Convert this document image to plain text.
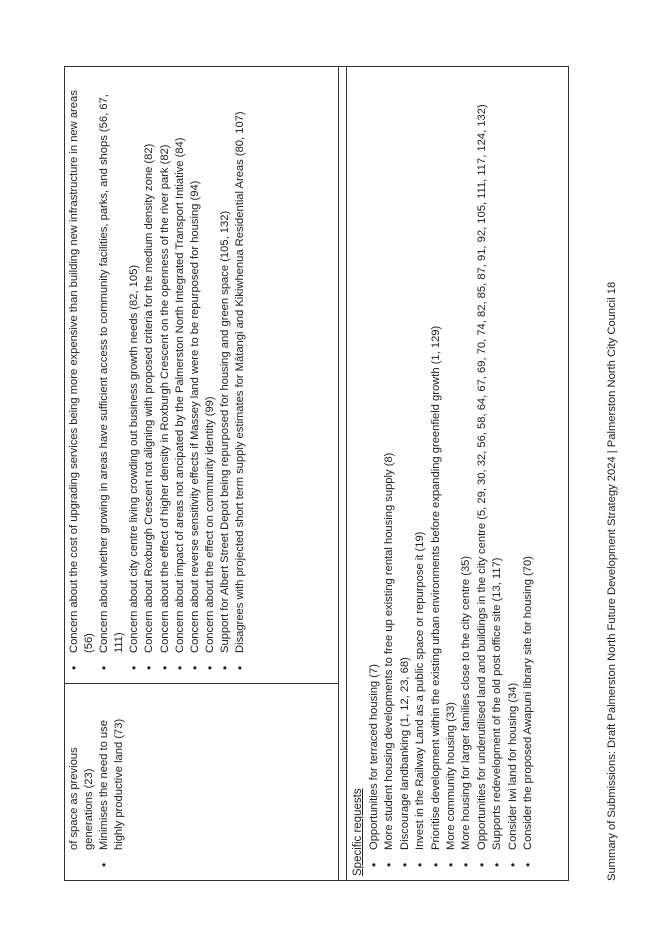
of space as previous generations (23) • Minimises the need to use highly productive land (73)
• Concern about the cost of upgrading services being more expensive than building new infrastructure in new areas (56) • Concern about whether growing in areas have sufficient access to community facilities, parks, and shops (56, 67, 111) • Concern about city centre living crowding out business growth needs (82, 105) • Concern about Roxburgh Crescent not aligning with proposed criteria for the medium density zone (82) • Concern about the effect of higher density in Roxburgh Crescent on the openness of the river park (82) • Concern about impact of areas not ancipated by the Palmerston North Integrated Transport Intiative (84) • Concern about reverse sensitivity effects if Massey land were to be repurposed for housing (94) • Concern about the effect on community identity (99) • Support for Albert Street Depot being repurposed for housing and green space (105, 132) • Disagrees with projected short term supply estimates for Mātangi and Kikiwhenua Residential Areas (80, 107)
Specific requests • Opportunities for terraced housing (7) • More student housing developments to free up existing rental housing supply (8) • Discourage landbanking (1, 12, 23, 68) • Invest in the Railway Land as a public space or repurpose it (19) • Prioritise development within the existing urban environments before expanding greenfield growth (1, 129) • More community housing (33) • More housing for larger families close to the city centre (35) • Opportunities for underutilised land and buildings in the city centre (5, 29, 30, 32, 56, 58, 64, 67, 69, 70, 74, 82, 85, 87, 91, 92, 105, 111, 117, 124, 132) • Supports redevelopment of the old post office site (13, 117) • Consider Iwi land for housing (34) • Consider the proposed Awapuni library site for housing (70)	Summary of Submissions: Draft Palmerston North Future Development Strategy 2024 | Palmerston North City Council 18
